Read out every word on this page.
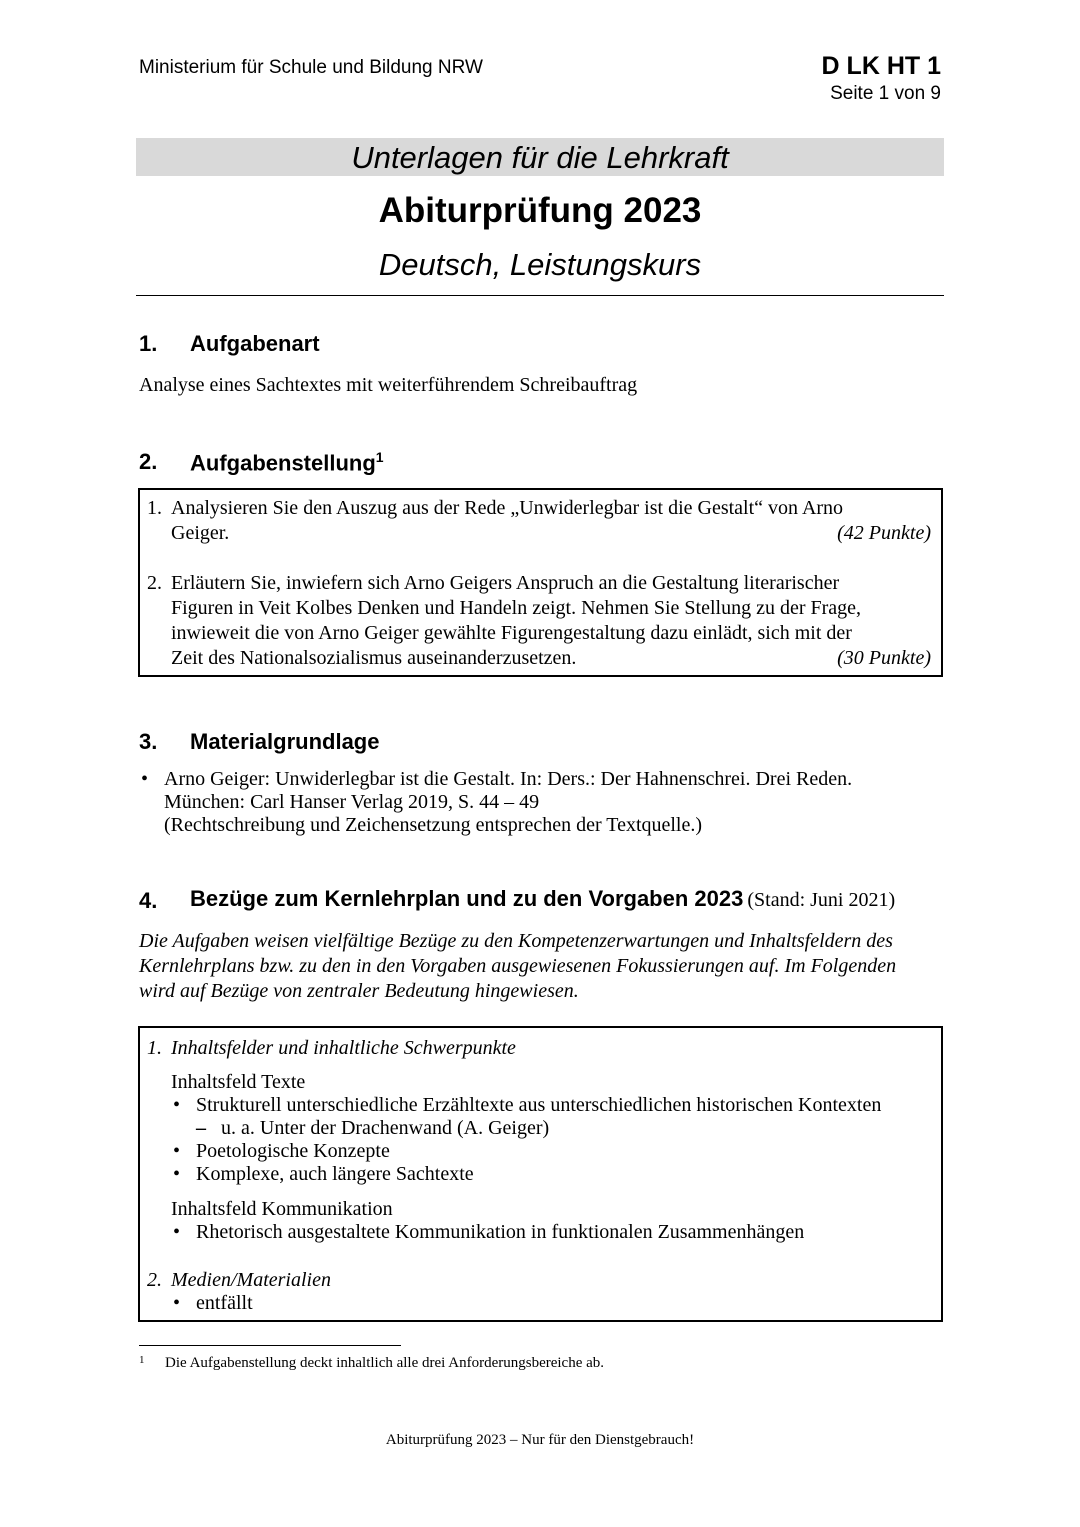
Ministerium für Schule und Bildung NRW	D LK HT 1
Seite 1 von 9
Unterlagen für die Lehrkraft
Abiturprüfung 2023
Deutsch, Leistungskurs
1. Aufgabenart
Analyse eines Sachtextes mit weiterführendem Schreibauftrag
2. Aufgabenstellung$^1$
1. Analysieren Sie den Auszug aus der Rede „Unwiderlegbar ist die Gestalt“ von Arno
Geiger.	(42 Punkte)
2. Erläutern Sie, inwiefern sich Arno Geigers Anspruch an die Gestaltung literarischer
Figuren in Veit Kolbes Denken und Handeln zeigt. Nehmen Sie Stellung zu der Frage,
inwieweit die von Arno Geiger gewählte Figurengestaltung dazu einlädt, sich mit der
Zeit des Nationalsozialismus auseinanderzusetzen.	(30 Punkte)
3. Materialgrundlage
• Arno Geiger: Unwiderlegbar ist die Gestalt. In: Ders.: Der Hahnenschrei. Drei Reden.
München: Carl Hanser Verlag 2019, S. 44 – 49
(Rechtschreibung und Zeichensetzung entsprechen der Textquelle.)
4. Bezüge zum Kernlehrplan und zu den Vorgaben 2023 (Stand: Juni 2021)
Die Aufgaben weisen vielfältige Bezüge zu den Kompetenzerwartungen und Inhaltsfeldern des
Kernlehrplans bzw. zu den in den Vorgaben ausgewiesenen Fokussierungen auf. Im Folgenden
wird auf Bezüge von zentraler Bedeutung hingewiesen.
1. Inhaltsfelder und inhaltliche Schwerpunkte
Inhaltsfeld Texte
• Strukturell unterschiedliche Erzähltexte aus unterschiedlichen historischen Kontexten
– u. a. Unter der Drachenwand (A. Geiger)
• Poetologische Konzepte
• Komplexe, auch längere Sachtexte
Inhaltsfeld Kommunikation
• Rhetorisch ausgestaltete Kommunikation in funktionalen Zusammenhängen
2. Medien/Materialien
• entfällt
1 Die Aufgabenstellung deckt inhaltlich alle drei Anforderungsbereiche ab.
Abiturprüfung 2023 – Nur für den Dienstgebrauch!
